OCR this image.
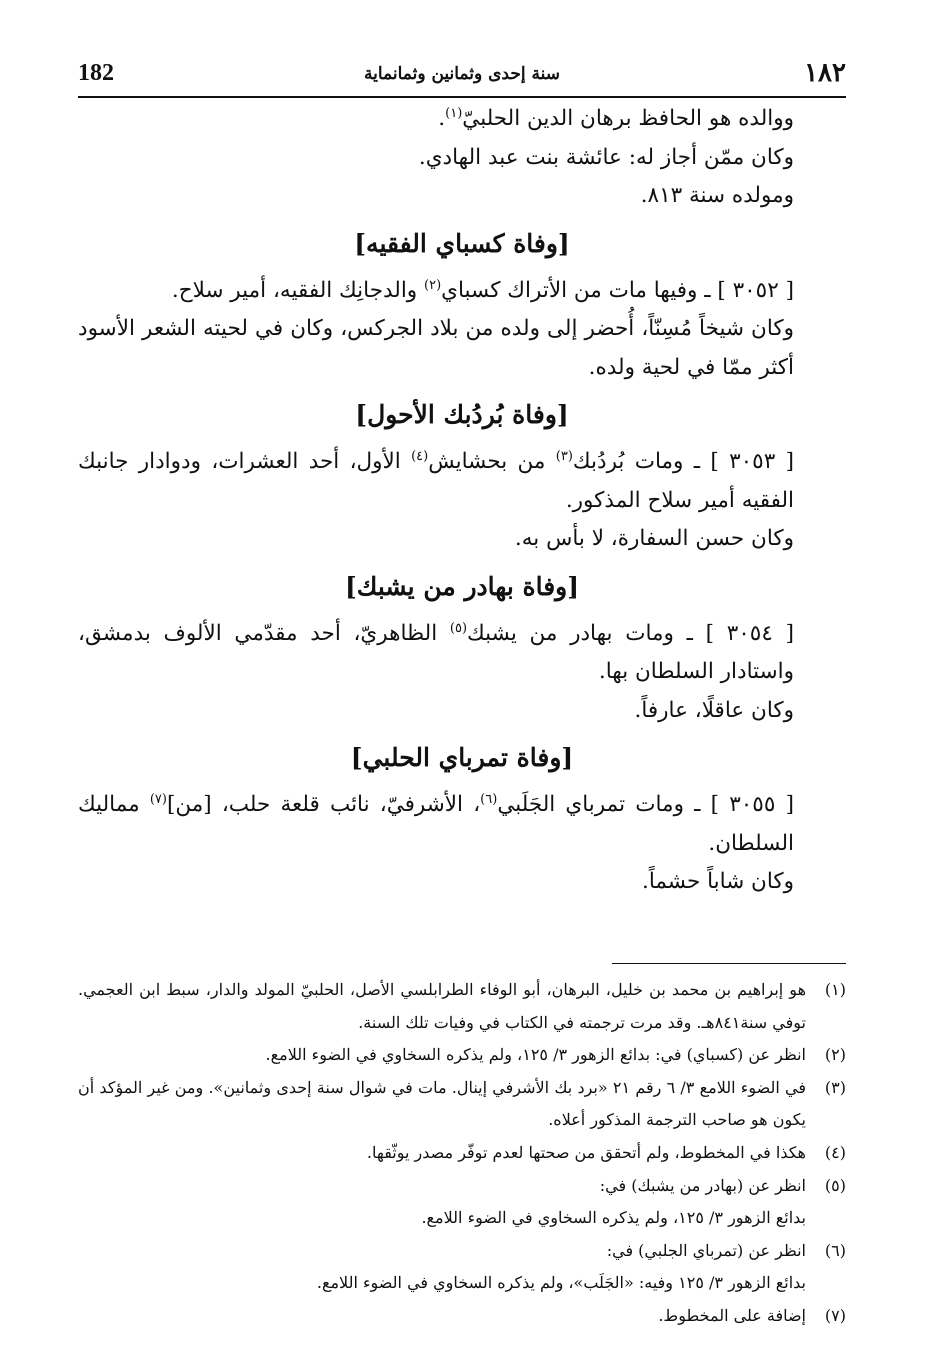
١٨٢
سنة إحدى وثمانين وثمانماية
182

ووالده هو الحافظ برهان الدين الحلبيّ$^{(١)}$.

وكان ممّن أجاز له: عائشة بنت عبد الهادي.

ومولده سنة ٨١٣.

[وفاة كسباي الفقيه]

[ ٣٠٥٢ ] ـ وفيها مات من الأتراك كسباي$^{(٢)}$ والدجانِك الفقيه، أمير سلاح.

وكان شيخاً مُسِنّاً، أُحضر إلى ولده من بلاد الجركس، وكان في لحيته الشعر الأسود أكثر ممّا في لحية ولده.

[وفاة بُردُبك الأحول]

[ ٣٠٥٣ ] ـ ومات بُردُبك$^{(٣)}$ من بحشايش$^{(٤)}$ الأول، أحد العشرات، ودوادار جانبك الفقيه أمير سلاح المذكور.

وكان حسن السفارة، لا بأس به.

[وفاة بهادر من يشبك]

[ ٣٠٥٤ ] ـ ومات بهادر من يشبك$^{(٥)}$ الظاهريّ، أحد مقدّمي الألوف بدمشق، واستادار السلطان بها.

وكان عاقلًا، عارفاً.

[وفاة تمرباي الحلبي]

[ ٣٠٥٥ ] ـ ومات تمرباي الجَلَبي$^{(٦)}$، الأشرفيّ، نائب قلعة حلب، [من]$^{(٧)}$ مماليك السلطان.

وكان شاباً حشماً.

(١)
هو إبراهيم بن محمد بن خليل، البرهان، أبو الوفاء الطرابلسي الأصل، الحلبيّ المولد والدار، سبط ابن العجمي. توفي سنة٨٤١هـ. وقد مرت ترجمته في الكتاب في وفيات تلك السنة.
(٢)
انظر عن (كسباي) في: بدائع الزهور ٣/ ١٢٥، ولم يذكره السخاوي في الضوء اللامع.
(٣)
في الضوء اللامع ٣/ ٦ رقم ٢١ «برد بك الأشرفي إينال. مات في شوال سنة إحدى وثمانين». ومن غير المؤكد أن يكون هو صاحب الترجمة المذكور أعلاه.
(٤)
هكذا في المخطوط، ولم أتحقق من صحتها لعدم توفّر مصدر يوثّقها.
(٥)
انظر عن (بهادر من يشبك) في:
بدائع الزهور ٣/ ١٢٥، ولم يذكره السخاوي في الضوء اللامع.
(٦)
انظر عن (تمرباي الجلبي) في:
بدائع الزهور ٣/ ١٢٥ وفيه: «الجَلَب»، ولم يذكره السخاوي في الضوء اللامع.
(٧)
إضافة على المخطوط.
